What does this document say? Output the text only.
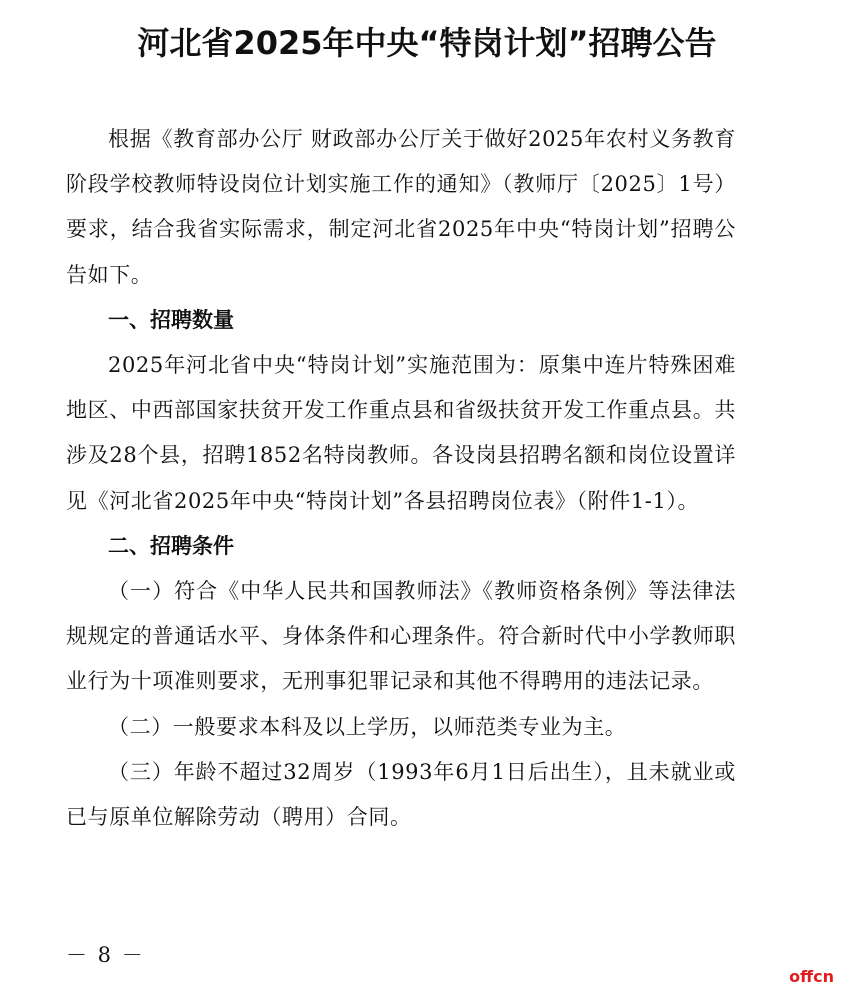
河北省2025年中央“特岗计划”招聘公告

根据《教育部办公厅 财政部办公厅关于做好2025年农村义务教育阶段学校教师特设岗位计划实施工作的通知》（教师厅〔2025〕1号）要求，结合我省实际需求，制定河北省2025年中央“特岗计划”招聘公告如下。

一、招聘数量

2025年河北省中央“特岗计划”实施范围为：原集中连片特殊困难地区、中西部国家扶贫开发工作重点县和省级扶贫开发工作重点县。共涉及28个县，招聘1852名特岗教师。各设岗县招聘名额和岗位设置详见《河北省2025年中央“特岗计划”各县招聘岗位表》（附件1-1）。

二、招聘条件

（一）符合《中华人民共和国教师法》《教师资格条例》等法律法规规定的普通话水平、身体条件和心理条件。符合新时代中小学教师职业行为十项准则要求，无刑事犯罪记录和其他不得聘用的违法记录。

（二）一般要求本科及以上学历，以师范类专业为主。

（三）年龄不超过32周岁（1993年6月1日后出生），且未就业或已与原单位解除劳动（聘用）合同。

－ 8 －
offcn
